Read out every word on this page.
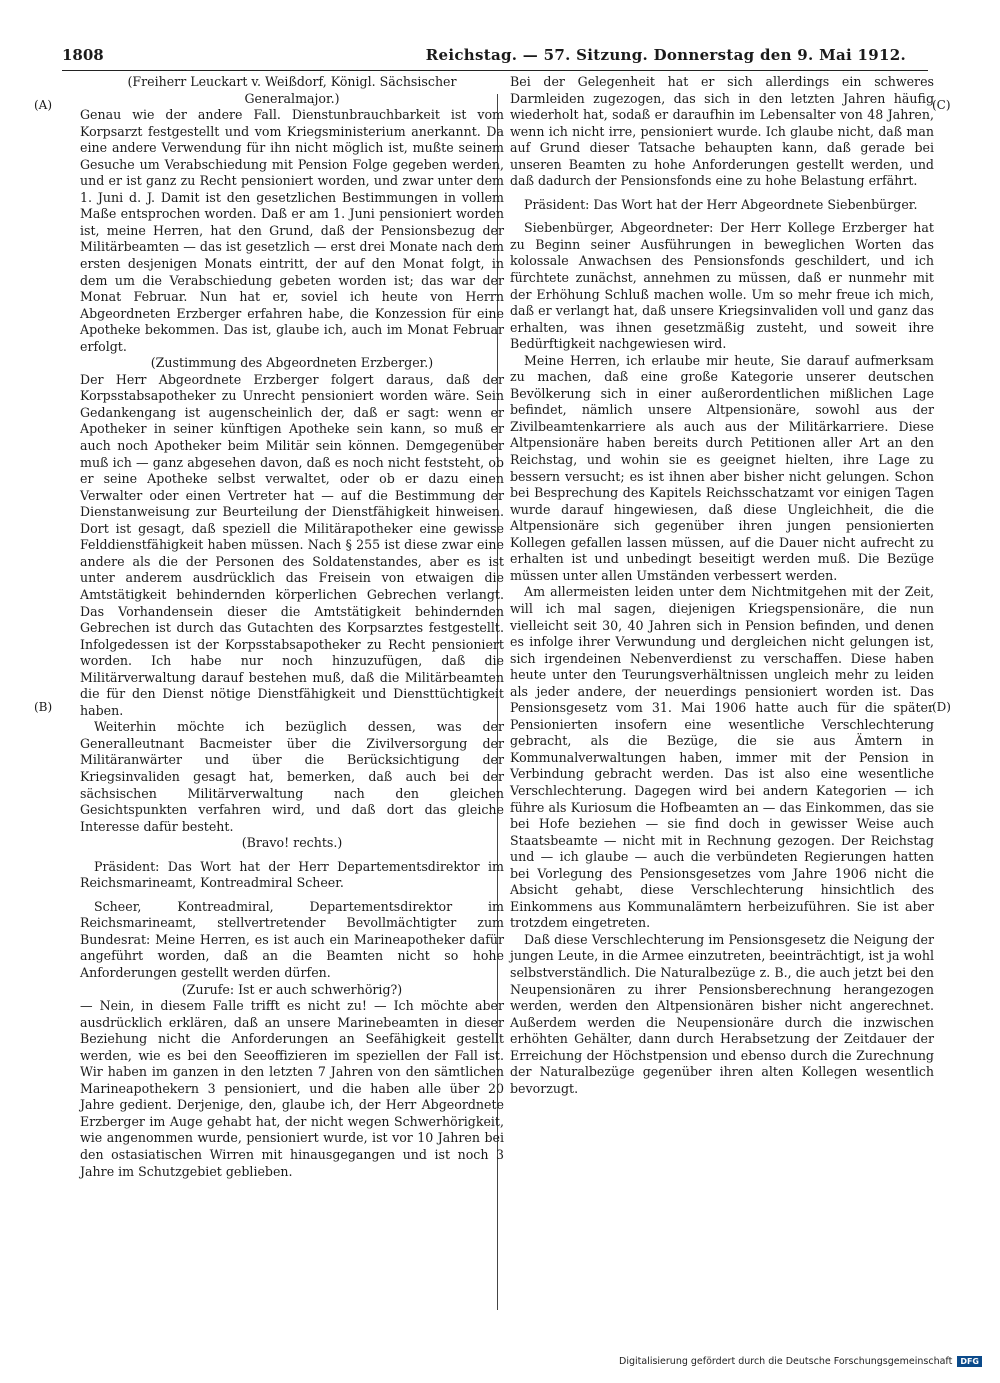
1808	Reichstag. — 57. Sitzung. Donnerstag den 9. Mai 1912.
(A)
(B)
(C)
(D)

(Freiherr Leuckart v. Weißdorf, Königl. Sächsischer Generalmajor.)

Genau wie der andere Fall. Dienstunbrauchbarkeit ist vom Korpsarzt festgestellt und vom Kriegsministerium anerkannt. Da eine andere Verwendung für ihn nicht möglich ist, mußte seinem Gesuche um Verabschiedung mit Pension Folge gegeben werden, und er ist ganz zu Recht pensioniert worden, und zwar unter dem 1. Juni d. J. Damit ist den gesetzlichen Bestimmungen in vollem Maße entsprochen worden. Daß er am 1. Juni pensioniert worden ist, meine Herren, hat den Grund, daß der Pensionsbezug der Militärbeamten — das ist gesetzlich — erst drei Monate nach dem ersten desjenigen Monats eintritt, der auf den Monat folgt, in dem um die Verabschiedung gebeten worden ist; das war der Monat Februar. Nun hat er, soviel ich heute von Herrn Abgeordneten Erzberger erfahren habe, die Konzession für eine Apotheke bekommen. Das ist, glaube ich, auch im Monat Februar erfolgt.

(Zustimmung des Abgeordneten Erzberger.)

Der Herr Abgeordnete Erzberger folgert daraus, daß der Korpsstabsapotheker zu Unrecht pensioniert worden wäre. Sein Gedankengang ist augenscheinlich der, daß er sagt: wenn er Apotheker in seiner künftigen Apotheke sein kann, so muß er auch noch Apotheker beim Militär sein können. Demgegenüber muß ich — ganz abgesehen davon, daß es noch nicht feststeht, ob er seine Apotheke selbst verwaltet, oder ob er dazu einen Verwalter oder einen Vertreter hat — auf die Bestimmung der Dienstanweisung zur Beurteilung der Dienstfähigkeit hinweisen. Dort ist gesagt, daß speziell die Militärapotheker eine gewisse Felddienstfähigkeit haben müssen. Nach § 255 ist diese zwar eine andere als die der Personen des Soldatenstandes, aber es ist unter anderem ausdrücklich das Freisein von etwaigen die Amtstätigkeit behindernden körperlichen Gebrechen verlangt. Das Vorhandensein dieser die Amtstätigkeit behindernden Gebrechen ist durch das Gutachten des Korpsarztes festgestellt. Infolgedessen ist der Korpsstabsapotheker zu Recht pensioniert worden. Ich habe nur noch hinzuzufügen, daß die Militärverwaltung darauf bestehen muß, daß die Militärbeamten die für den Dienst nötige Dienstfähigkeit und Diensttüchtigkeit haben.

Weiterhin möchte ich bezüglich dessen, was der Generalleutnant Bacmeister über die Zivilversorgung der Militäranwärter und über die Berücksichtigung der Kriegsinvaliden gesagt hat, bemerken, daß auch bei der sächsischen Militärverwaltung nach den gleichen Gesichtspunkten verfahren wird, und daß dort das gleiche Interesse dafür besteht.

(Bravo! rechts.)

Präsident: Das Wort hat der Herr Departementsdirektor im Reichsmarineamt, Kontreadmiral Scheer.

Scheer, Kontreadmiral, Departementsdirektor im Reichsmarineamt, stellvertretender Bevollmächtigter zum Bundesrat: Meine Herren, es ist auch ein Marineapotheker dafür angeführt worden, daß an die Beamten nicht so hohe Anforderungen gestellt werden dürfen.

(Zurufe: Ist er auch schwerhörig?)

— Nein, in diesem Falle trifft es nicht zu! — Ich möchte aber ausdrücklich erklären, daß an unsere Marinebeamten in dieser Beziehung nicht die Anforderungen an Seefähigkeit gestellt werden, wie es bei den Seeoffizieren im speziellen der Fall ist. Wir haben im ganzen in den letzten 7 Jahren von den sämtlichen Marineapothekern 3 pensioniert, und die haben alle über 20 Jahre gedient. Derjenige, den, glaube ich, der Herr Abgeordnete Erzberger im Auge gehabt hat, der nicht wegen Schwerhörigkeit, wie angenommen wurde, pensioniert wurde, ist vor 10 Jahren bei den ostasiatischen Wirren mit hinausgegangen und ist noch 3 Jahre im Schutzgebiet geblieben.

Bei der Gelegenheit hat er sich allerdings ein schweres Darmleiden zugezogen, das sich in den letzten Jahren häufig wiederholt hat, sodaß er daraufhin im Lebensalter von 48 Jahren, wenn ich nicht irre, pensioniert wurde. Ich glaube nicht, daß man auf Grund dieser Tatsache behaupten kann, daß gerade bei unseren Beamten zu hohe Anforderungen gestellt werden, und daß dadurch der Pensionsfonds eine zu hohe Belastung erfährt.

Präsident: Das Wort hat der Herr Abgeordnete Siebenbürger.

Siebenbürger, Abgeordneter: Der Herr Kollege Erzberger hat zu Beginn seiner Ausführungen in beweglichen Worten das kolossale Anwachsen des Pensionsfonds geschildert, und ich fürchtete zunächst, annehmen zu müssen, daß er nunmehr mit der Erhöhung Schluß machen wolle. Um so mehr freue ich mich, daß er verlangt hat, daß unsere Kriegsinvaliden voll und ganz das erhalten, was ihnen gesetzmäßig zusteht, und soweit ihre Bedürftigkeit nachgewiesen wird.

Meine Herren, ich erlaube mir heute, Sie darauf aufmerksam zu machen, daß eine große Kategorie unserer deutschen Bevölkerung sich in einer außerordentlichen mißlichen Lage befindet, nämlich unsere Altpensionäre, sowohl aus der Zivilbeamtenkarriere als auch aus der Militärkarriere. Diese Altpensionäre haben bereits durch Petitionen aller Art an den Reichstag, und wohin sie es geeignet hielten, ihre Lage zu bessern versucht; es ist ihnen aber bisher nicht gelungen. Schon bei Besprechung des Kapitels Reichsschatzamt vor einigen Tagen wurde darauf hingewiesen, daß diese Ungleichheit, die die Altpensionäre sich gegenüber ihren jungen pensionierten Kollegen gefallen lassen müssen, auf die Dauer nicht aufrecht zu erhalten ist und unbedingt beseitigt werden muß. Die Bezüge müssen unter allen Umständen verbessert werden.

Am allermeisten leiden unter dem Nichtmitgehen mit der Zeit, will ich mal sagen, diejenigen Kriegspensionäre, die nun vielleicht seit 30, 40 Jahren sich in Pension befinden, und denen es infolge ihrer Verwundung und dergleichen nicht gelungen ist, sich irgendeinen Nebenverdienst zu verschaffen. Diese haben heute unter den Teurungsverhältnissen ungleich mehr zu leiden als jeder andere, der neuerdings pensioniert worden ist. Das Pensionsgesetz vom 31. Mai 1906 hatte auch für die später Pensionierten insofern eine wesentliche Verschlechterung gebracht, als die Bezüge, die sie aus Ämtern in Kommunalverwaltungen haben, immer mit der Pension in Verbindung gebracht werden. Das ist also eine wesentliche Verschlechterung. Dagegen wird bei andern Kategorien — ich führe als Kuriosum die Hofbeamten an — das Einkommen, das sie bei Hofe beziehen — sie find doch in gewisser Weise auch Staatsbeamte — nicht mit in Rechnung gezogen. Der Reichstag und — ich glaube — auch die verbündeten Regierungen hatten bei Vorlegung des Pensionsgesetzes vom Jahre 1906 nicht die Absicht gehabt, diese Verschlechterung hinsichtlich des Einkommens aus Kommunalämtern herbeizuführen. Sie ist aber trotzdem eingetreten.

Daß diese Verschlechterung im Pensionsgesetz die Neigung der jungen Leute, in die Armee einzutreten, beeinträchtigt, ist ja wohl selbstverständlich. Die Naturalbezüge z. B., die auch jetzt bei den Neupensionären zu ihrer Pensionsberechnung herangezogen werden, werden den Altpensionären bisher nicht angerechnet. Außerdem werden die Neupensionäre durch die inzwischen erhöhten Gehälter, dann durch Herabsetzung der Zeitdauer der Erreichung der Höchstpension und ebenso durch die Zurechnung der Naturalbezüge gegenüber ihren alten Kollegen wesentlich bevorzugt.

Digitalisierung gefördert durch die Deutsche Forschungsgemeinschaft	DFG
